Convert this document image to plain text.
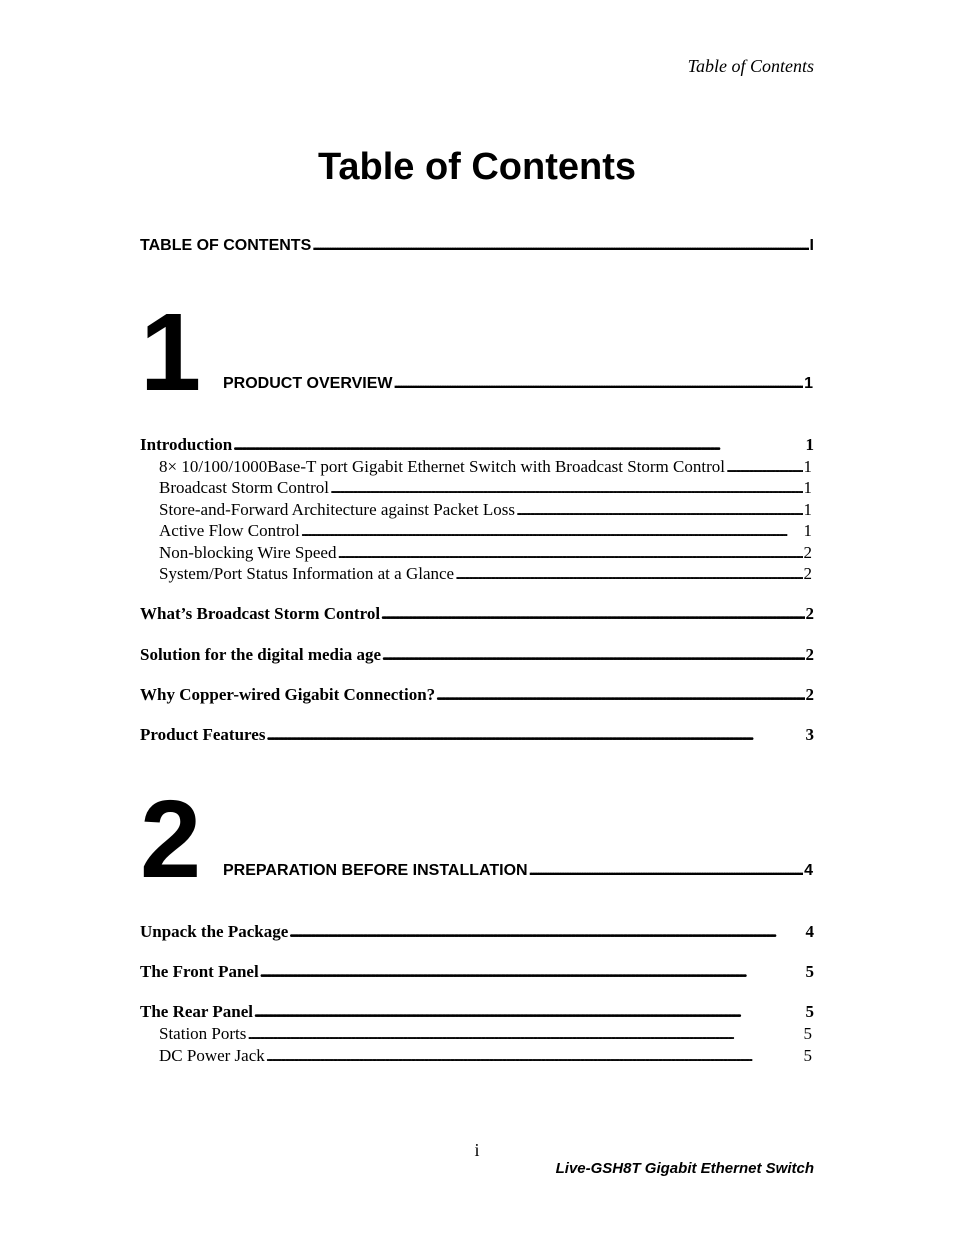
Table of Contents
Table of Contents
TABLE OF CONTENTS . . .	I
1 PRODUCT OVERVIEW . . .	1
Introduction . . .	1
8× 10/100/1000Base-T port Gigabit Ethernet Switch with Broadcast Storm Control . . .	1
Broadcast Storm Control . . .	1
Store-and-Forward Architecture against Packet Loss . . .	1
Active Flow Control . . .	1
Non-blocking Wire Speed . . .	2
System/Port Status Information at a Glance . . .	2
What’s Broadcast Storm Control . . .	2
Solution for the digital media age . . .	2
Why Copper-wired Gigabit Connection? . . .	2
Product Features . . .	3
2 PREPARATION BEFORE INSTALLATION . . .	4
Unpack the Package . . .	4
The Front Panel . . .	5
The Rear Panel . . .	5
Station Ports . . .	5
DC Power Jack . . .	5
i
Live-GSH8T Gigabit Ethernet Switch
